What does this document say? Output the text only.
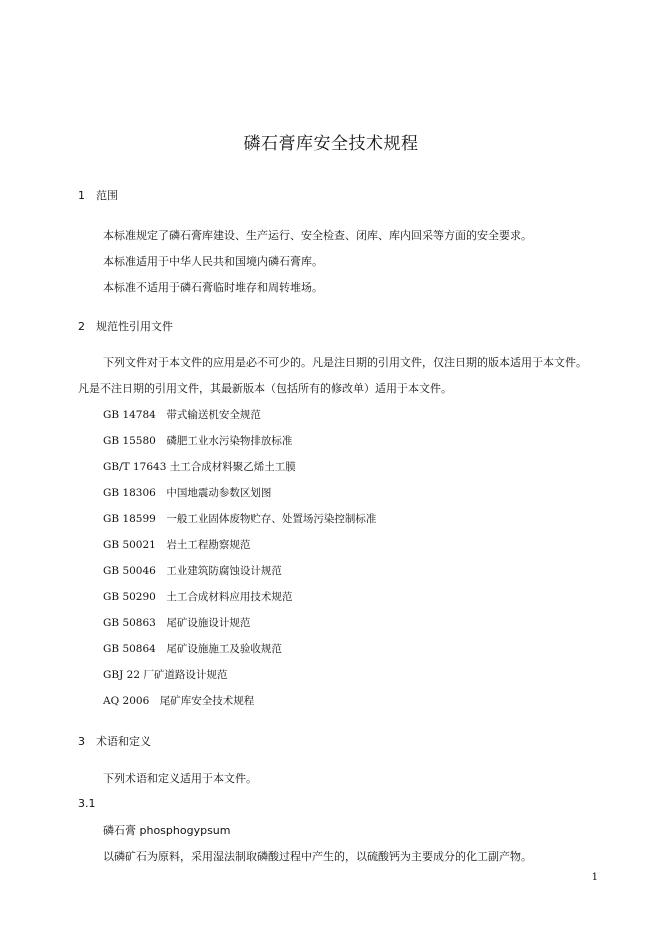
磷石膏库安全技术规程
1 范围
本标准规定了磷石膏库建设、生产运行、安全检查、闭库、库内回采等方面的安全要求。
本标准适用于中华人民共和国境内磷石膏库。
本标准不适用于磷石膏临时堆存和周转堆场。
2 规范性引用文件
下列文件对于本文件的应用是必不可少的。凡是注日期的引用文件，仅注日期的版本适用于本文件。
凡是不注日期的引用文件，其最新版本（包括所有的修改单）适用于本文件。
GB 14784　带式输送机安全规范
GB 15580　磷肥工业水污染物排放标准
GB/T 17643 土工合成材料聚乙烯土工膜
GB 18306　中国地震动参数区划图
GB 18599　一般工业固体废物贮存、处置场污染控制标准
GB 50021　岩土工程勘察规范
GB 50046　工业建筑防腐蚀设计规范
GB 50290　土工合成材料应用技术规范
GB 50863　尾矿设施设计规范
GB 50864　尾矿设施施工及验收规范
GBJ 22 厂矿道路设计规范
AQ 2006　尾矿库安全技术规程
3 术语和定义
下列术语和定义适用于本文件。
3.1
磷石膏 phosphogypsum
以磷矿石为原料，采用湿法制取磷酸过程中产生的，以硫酸钙为主要成分的化工副产物。
1
